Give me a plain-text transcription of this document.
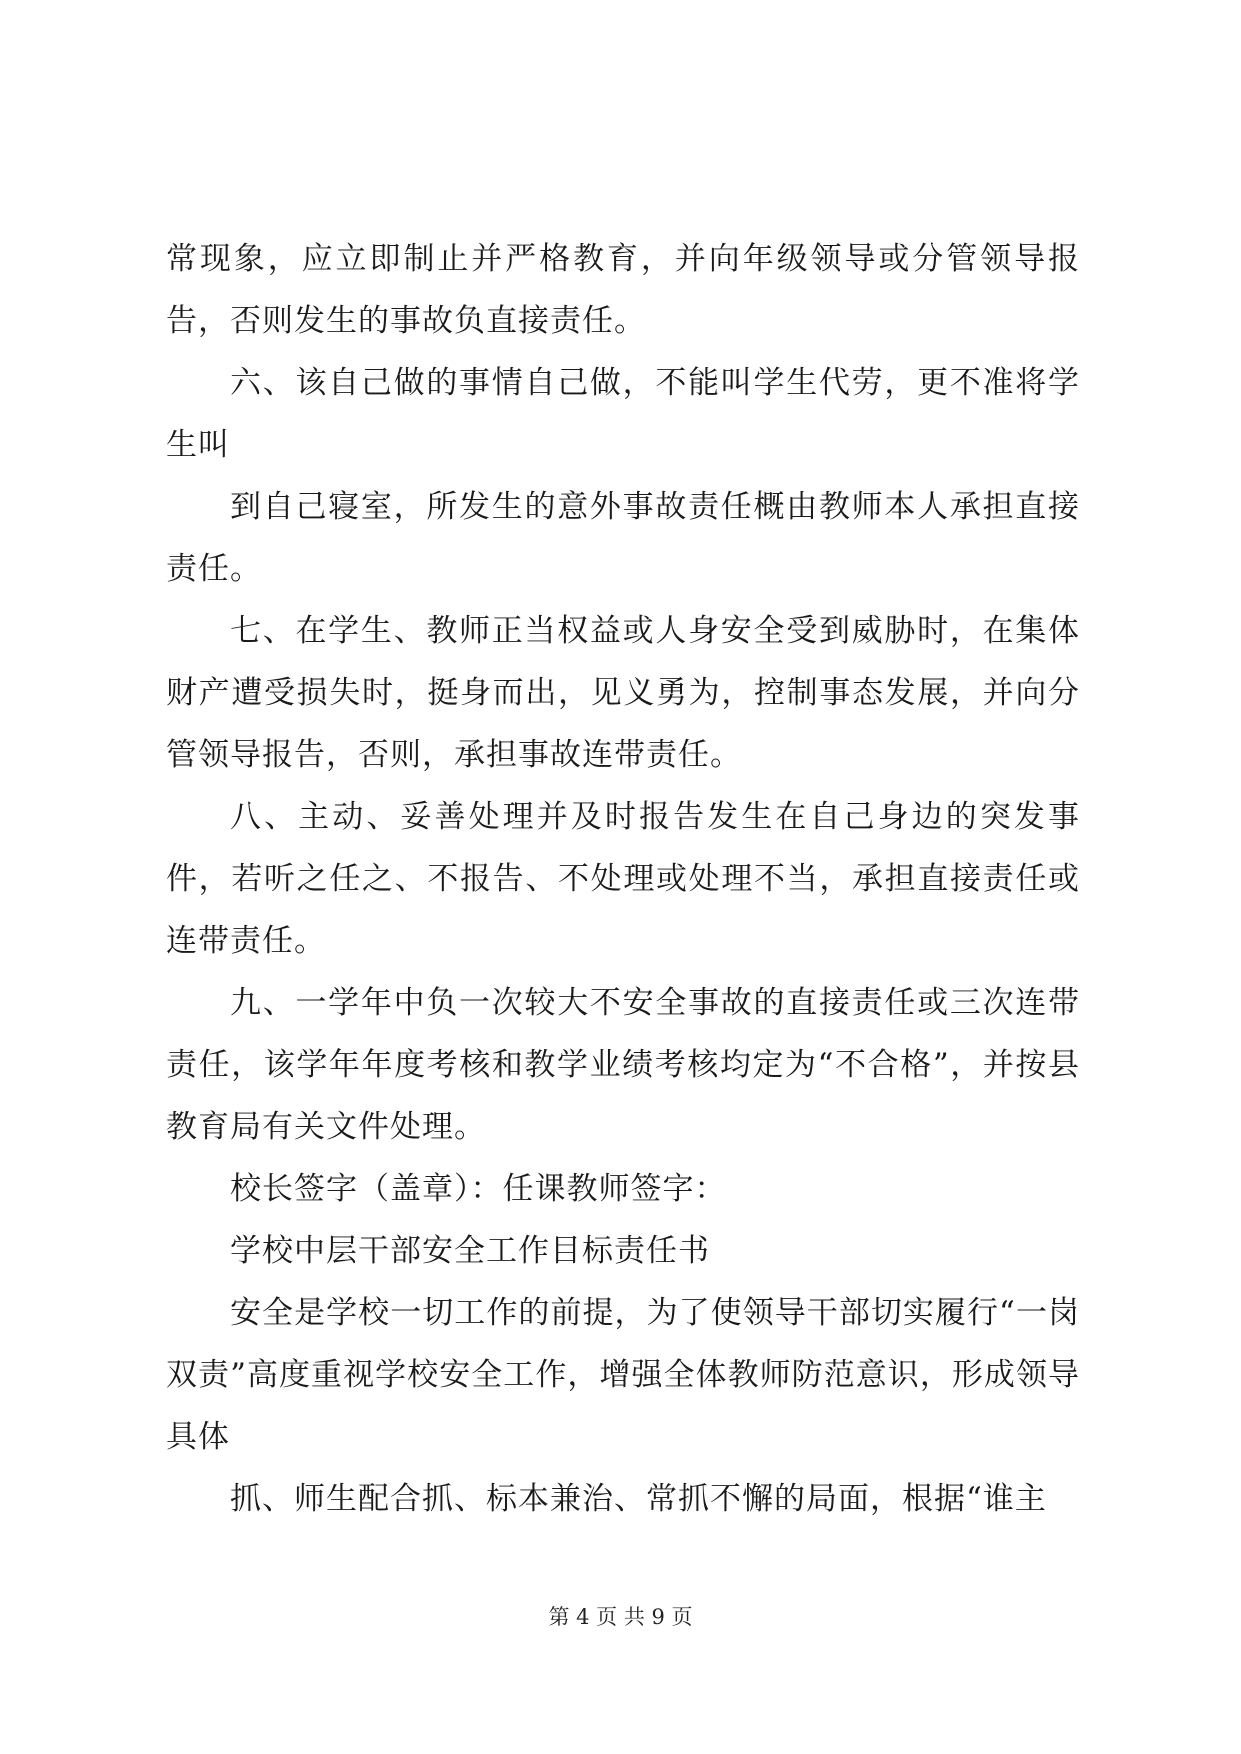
常现象，应立即制止并严格教育，并向年级领导或分管领导报告，否则发生的事故负直接责任。

六、该自己做的事情自己做，不能叫学生代劳，更不准将学生叫

到自己寝室，所发生的意外事故责任概由教师本人承担直接责任。

七、在学生、教师正当权益或人身安全受到威胁时，在集体财产遭受损失时，挺身而出，见义勇为，控制事态发展，并向分管领导报告，否则，承担事故连带责任。

八、主动、妥善处理并及时报告发生在自己身边的突发事件，若听之任之、不报告、不处理或处理不当，承担直接责任或连带责任。

九、一学年中负一次较大不安全事故的直接责任或三次连带责任，该学年年度考核和教学业绩考核均定为“不合格”，并按县教育局有关文件处理。

校长签字（盖章）：任课教师签字：

学校中层干部安全工作目标责任书

安全是学校一切工作的前提，为了使领导干部切实履行“一岗双责”高度重视学校安全工作，增强全体教师防范意识，形成领导具体

抓、师生配合抓、标本兼治、常抓不懈的局面，根据“谁主

第 4 页 共 9 页
